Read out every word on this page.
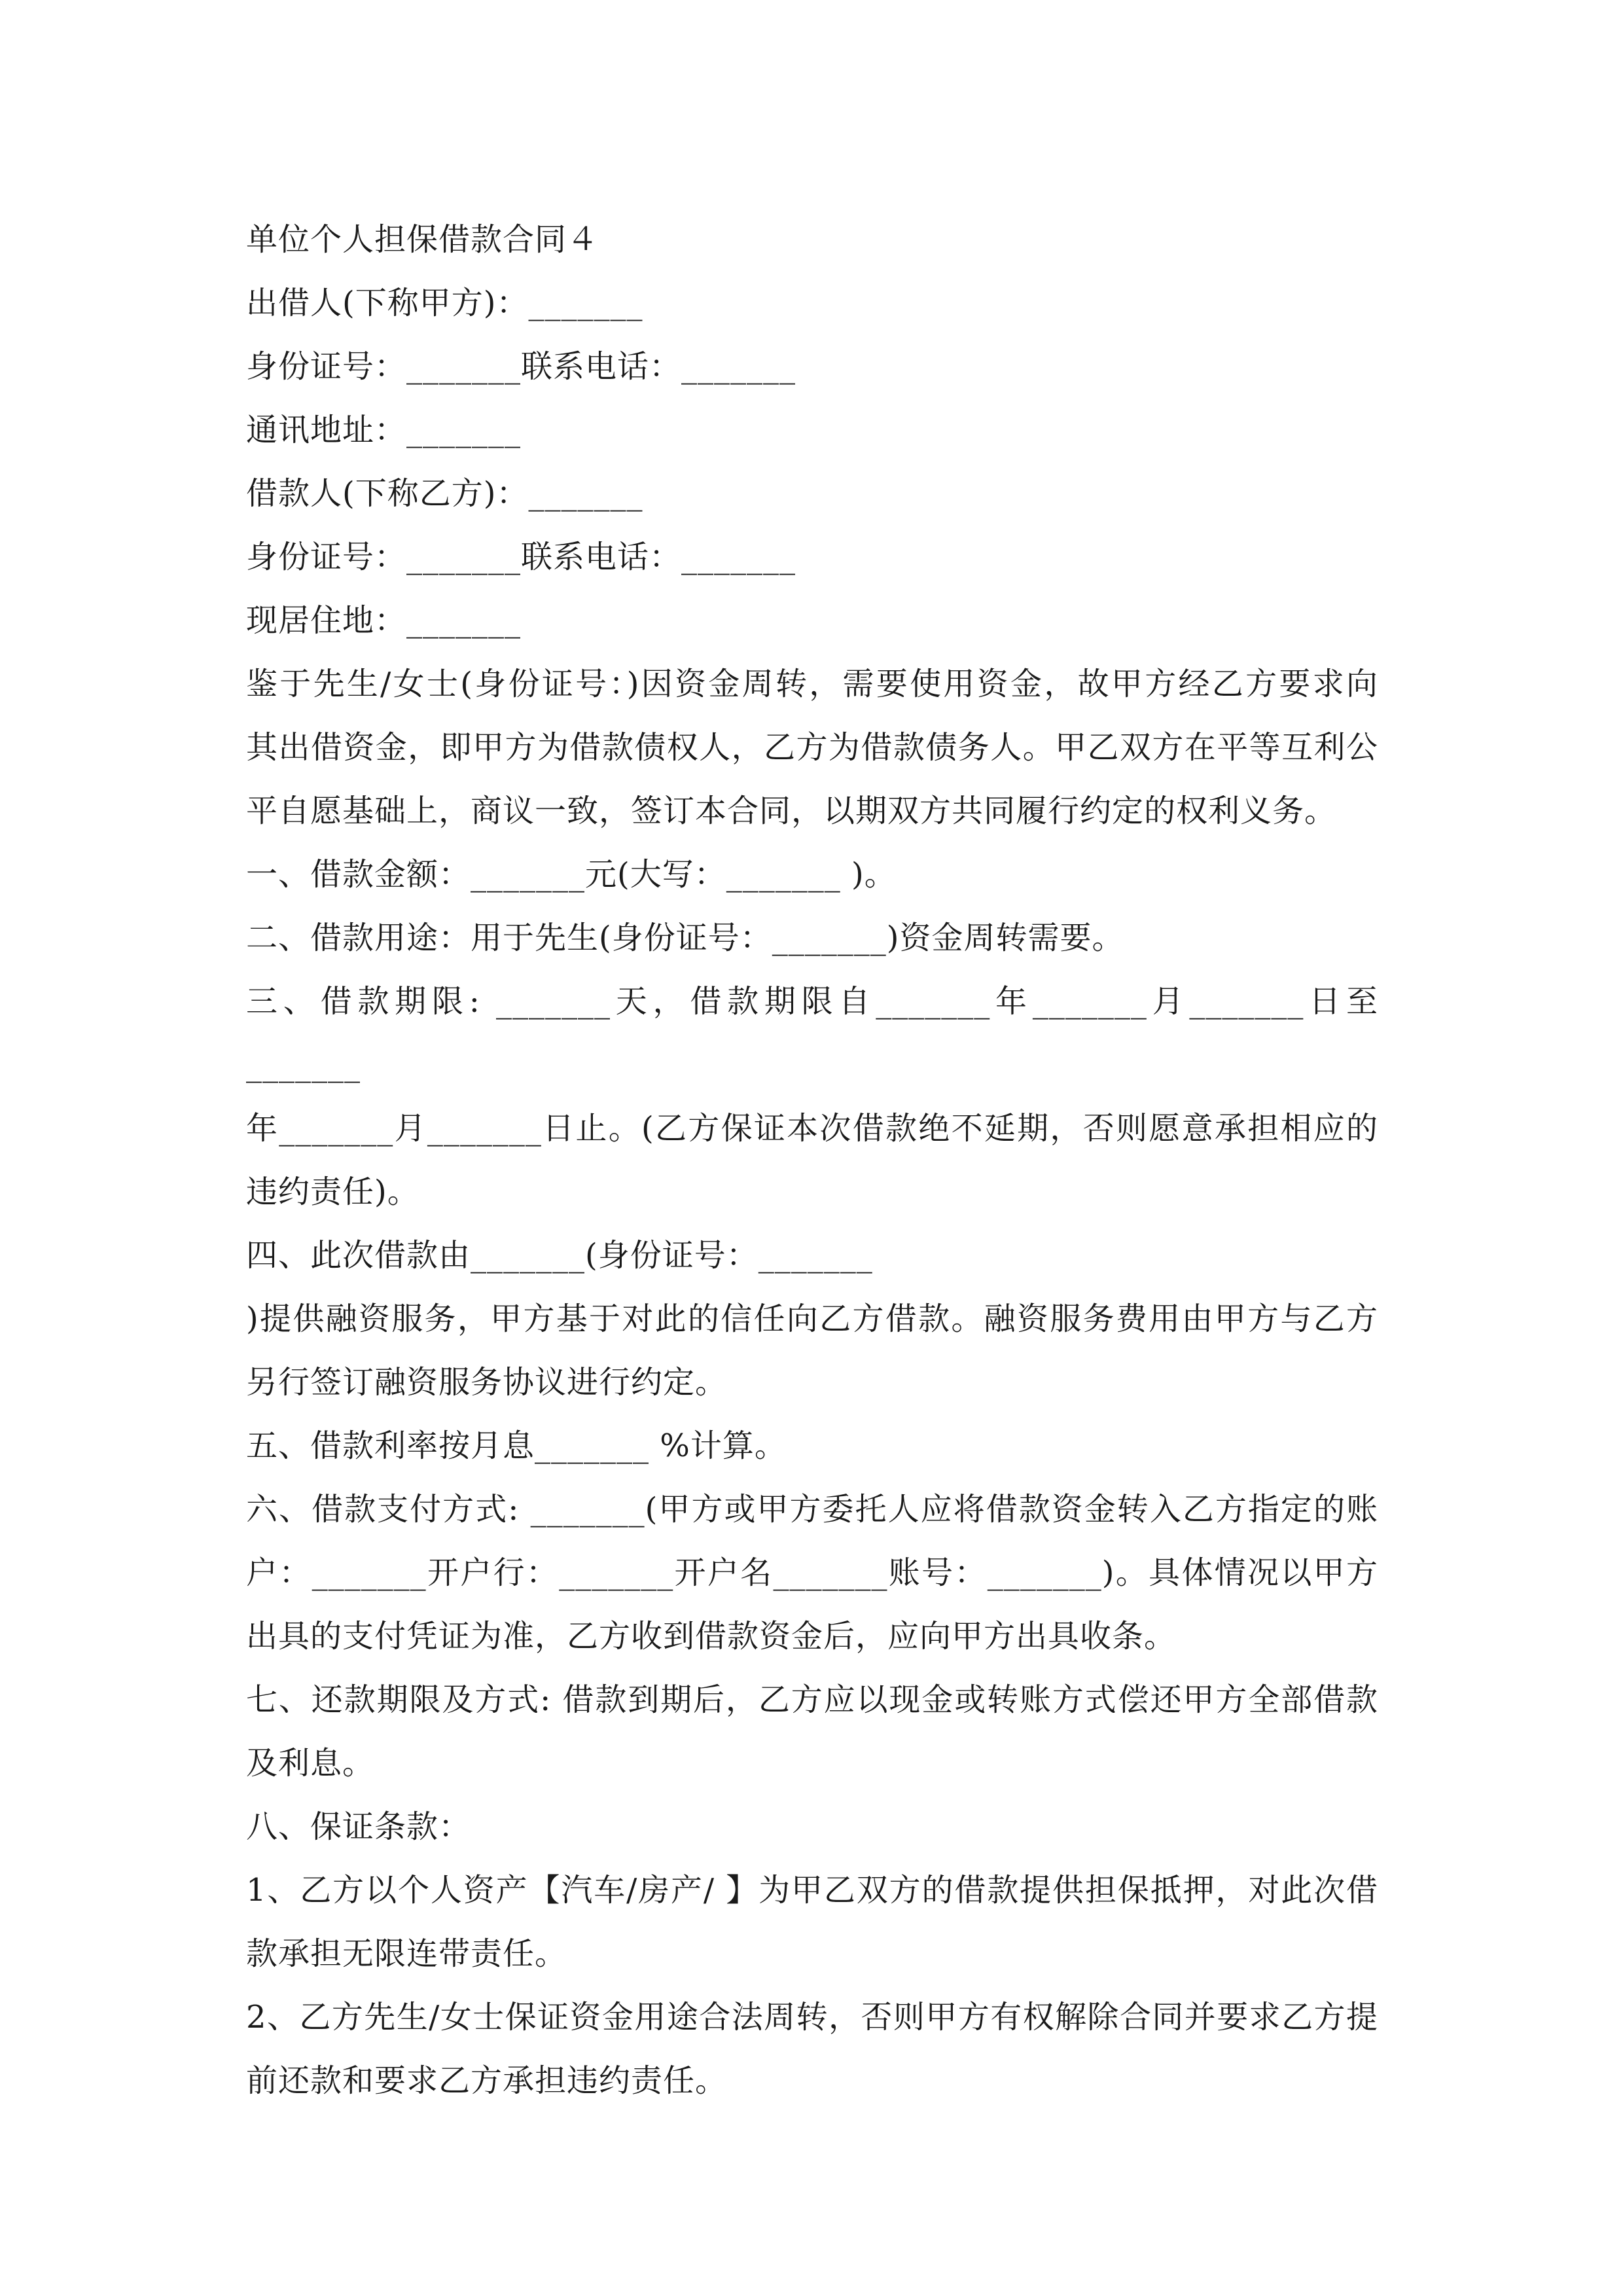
单位个人担保借款合同４

出借人(下称甲方)：_______

身份证号：_______联系电话：_______

通讯地址：_______

借款人(下称乙方)：_______

身份证号：_______联系电话：_______

现居住地：_______

鉴于先生/女士(身份证号：)因资金周转，需要使用资金，故甲方经乙方要求向

其出借资金，即甲方为借款债权人，乙方为借款债务人。甲乙双方在平等互利公

平自愿基础上，商议一致，签订本合同，以期双方共同履行约定的权利义务。

一、借款金额：_______元(大写：_______ )。

二、借款用途：用于先生(身份证号：_______)资金周转需要。

三、借款期限: _______天，借款期限自_______年_______月_______日至_______

年_______月_______日止。(乙方保证本次借款绝不延期，否则愿意承担相应的

违约责任)。

四、此次借款由_______(身份证号：_______

)提供融资服务，甲方基于对此的信任向乙方借款。融资服务费用由甲方与乙方

另行签订融资服务协议进行约定。

五、借款利率按月息_______ %计算。

六、借款支付方式: _______(甲方或甲方委托人应将借款资金转入乙方指定的账

户：_______开户行：_______开户名_______账号：_______)。具体情况以甲方

出具的支付凭证为准，乙方收到借款资金后，应向甲方出具收条。

七、还款期限及方式: 借款到期后，乙方应以现金或转账方式偿还甲方全部借款

及利息。

八、保证条款：

1、乙方以个人资产【汽车/房产/ 】为甲乙双方的借款提供担保抵押，对此次借

款承担无限连带责任。

2、乙方先生/女士保证资金用途合法周转，否则甲方有权解除合同并要求乙方提

前还款和要求乙方承担违约责任。
